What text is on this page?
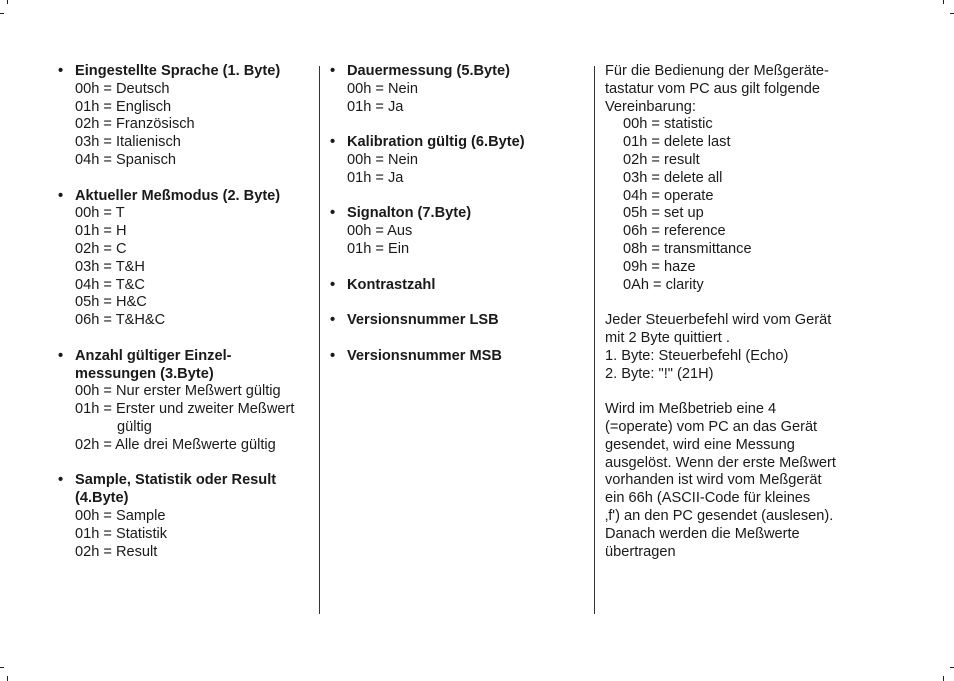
• Eingestellte Sprache (1. Byte)
00h = Deutsch
01h = Englisch
02h = Französisch
03h = Italienisch
04h = Spanisch
• Aktueller Meßmodus (2. Byte)
00h = T
01h = H
02h = C
03h = T&H
04h = T&C
05h = H&C
06h = T&H&C
• Anzahl gültiger Einzel-
messungen (3.Byte)
00h = Nur erster Meßwert gültig
01h = Erster und zweiter Meßwert gültig
02h = Alle drei Meßwerte gültig
• Sample, Statistik oder Result
(4.Byte)
00h = Sample
01h = Statistik
02h = Result
• Dauermessung (5.Byte)
00h = Nein
01h = Ja
• Kalibration gültig (6.Byte)
00h = Nein
01h = Ja
• Signalton (7.Byte)
00h = Aus
01h = Ein
• Kontrastzahl
• Versionsnummer LSB
• Versionsnummer MSB
Für die Bedienung der Meßgeräte-
tastatur vom PC aus gilt folgende
Vereinbarung:
00h = statistic
01h = delete last
02h = result
03h = delete all
04h = operate
05h = set up
06h = reference
08h = transmittance
09h = haze
0Ah = clarity
Jeder Steuerbefehl wird vom Gerät
mit 2 Byte quittiert .
1. Byte: Steuerbefehl (Echo)
2. Byte: "!" (21H)
Wird im Meßbetrieb eine 4
(=operate) vom PC an das Gerät
gesendet, wird eine Messung
ausgelöst. Wenn der erste Meßwert
vorhanden ist wird vom Meßgerät
ein 66h (ASCII-Code für kleines
‚f') an den PC gesendet (auslesen).
Danach werden die Meßwerte
übertragen
